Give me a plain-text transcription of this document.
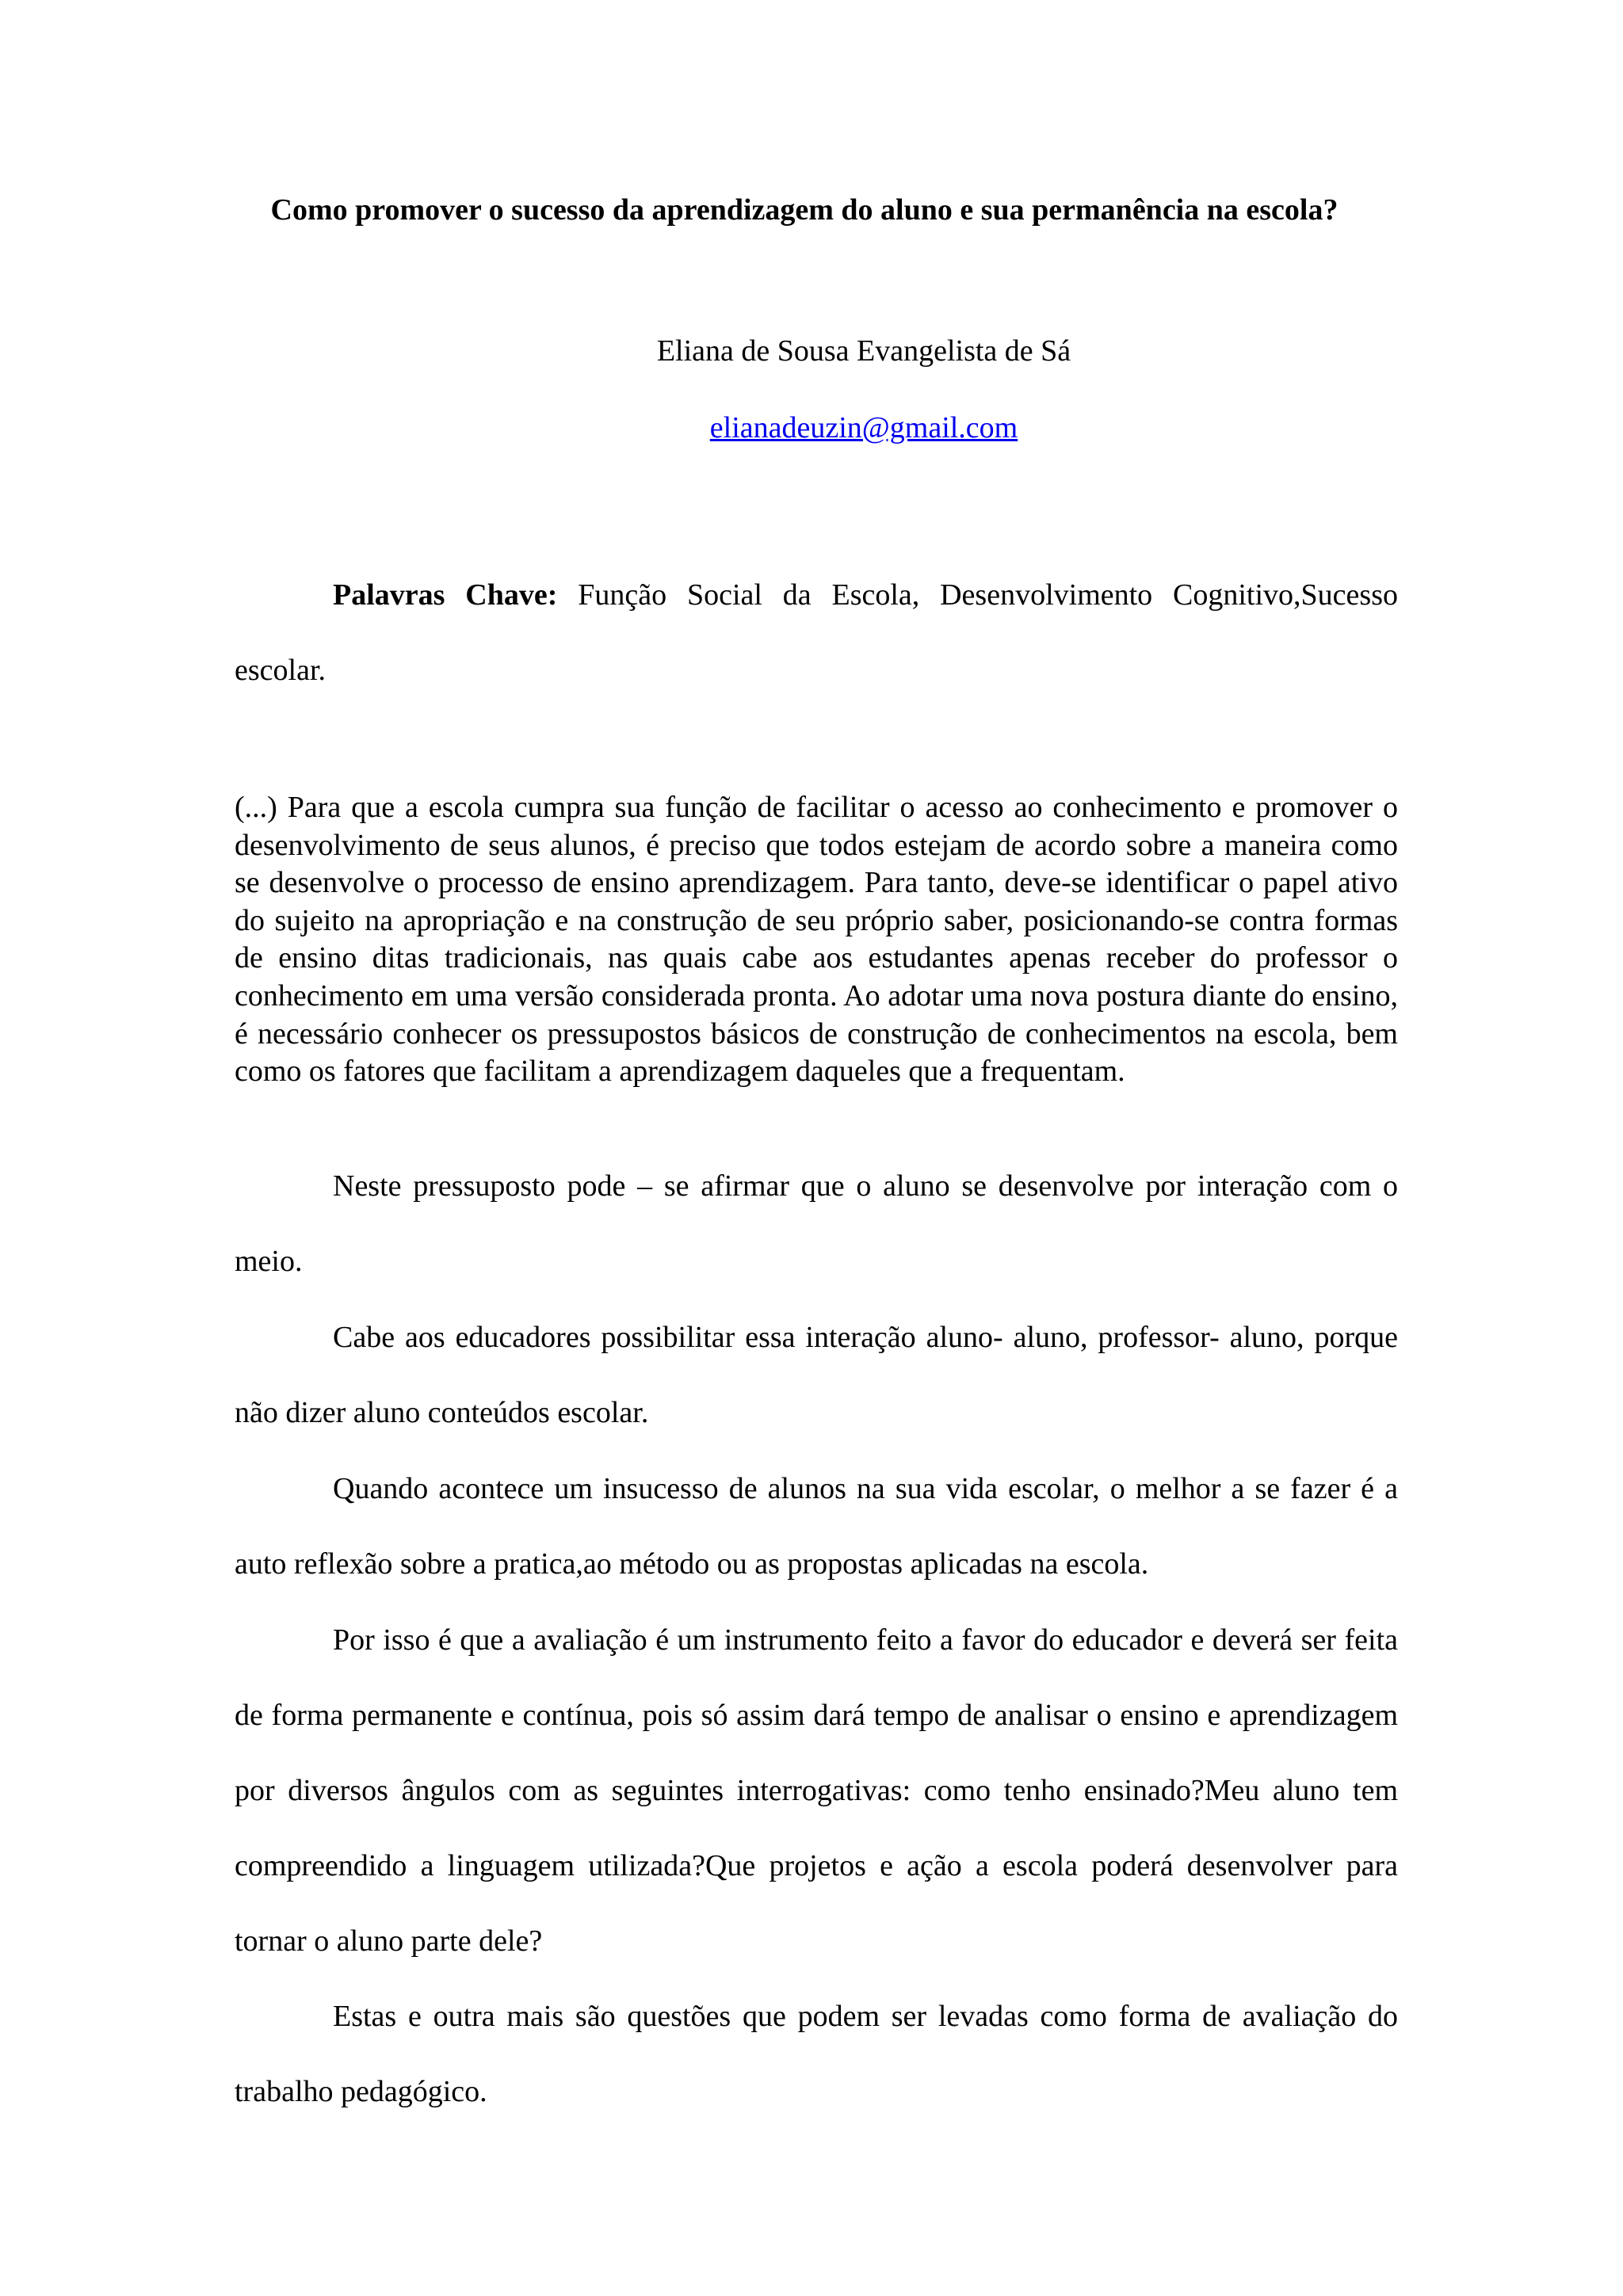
Como promover o sucesso da aprendizagem do aluno e sua permanência na escola?

Eliana de Sousa Evangelista de Sá

elianadeuzin@gmail.com

Palavras Chave: Função Social da Escola, Desenvolvimento Cognitivo,Sucesso escolar.

(...) Para que a escola cumpra sua função de facilitar o acesso ao conhecimento e promover o desenvolvimento de seus alunos, é preciso que todos estejam de acordo sobre a maneira como se desenvolve o processo de ensino aprendizagem. Para tanto, deve-se identificar o papel ativo do sujeito na apropriação e na construção de seu próprio saber, posicionando-se contra formas de ensino ditas tradicionais, nas quais cabe aos estudantes apenas receber do professor o conhecimento em uma versão considerada pronta. Ao adotar uma nova postura diante do ensino, é necessário conhecer os pressupostos básicos de construção de conhecimentos na escola, bem como os fatores que facilitam a aprendizagem daqueles que a frequentam.

Neste pressuposto pode – se afirmar que o aluno se desenvolve por interação com o meio.

Cabe aos educadores possibilitar essa interação aluno- aluno, professor- aluno, porque não dizer aluno conteúdos escolar.

Quando acontece um insucesso de alunos na sua vida escolar, o melhor a se fazer é a auto reflexão sobre a pratica,ao método ou as propostas aplicadas na escola.

Por isso é que a avaliação é um instrumento feito a favor do educador e deverá ser feita de forma permanente e contínua, pois só assim dará tempo de analisar o ensino e aprendizagem por diversos ângulos com as seguintes interrogativas: como tenho ensinado?Meu aluno tem compreendido a linguagem utilizada?Que projetos e ação a escola poderá desenvolver para tornar o aluno parte dele?

Estas e outra mais são questões que podem ser levadas como forma de avaliação do trabalho pedagógico.
